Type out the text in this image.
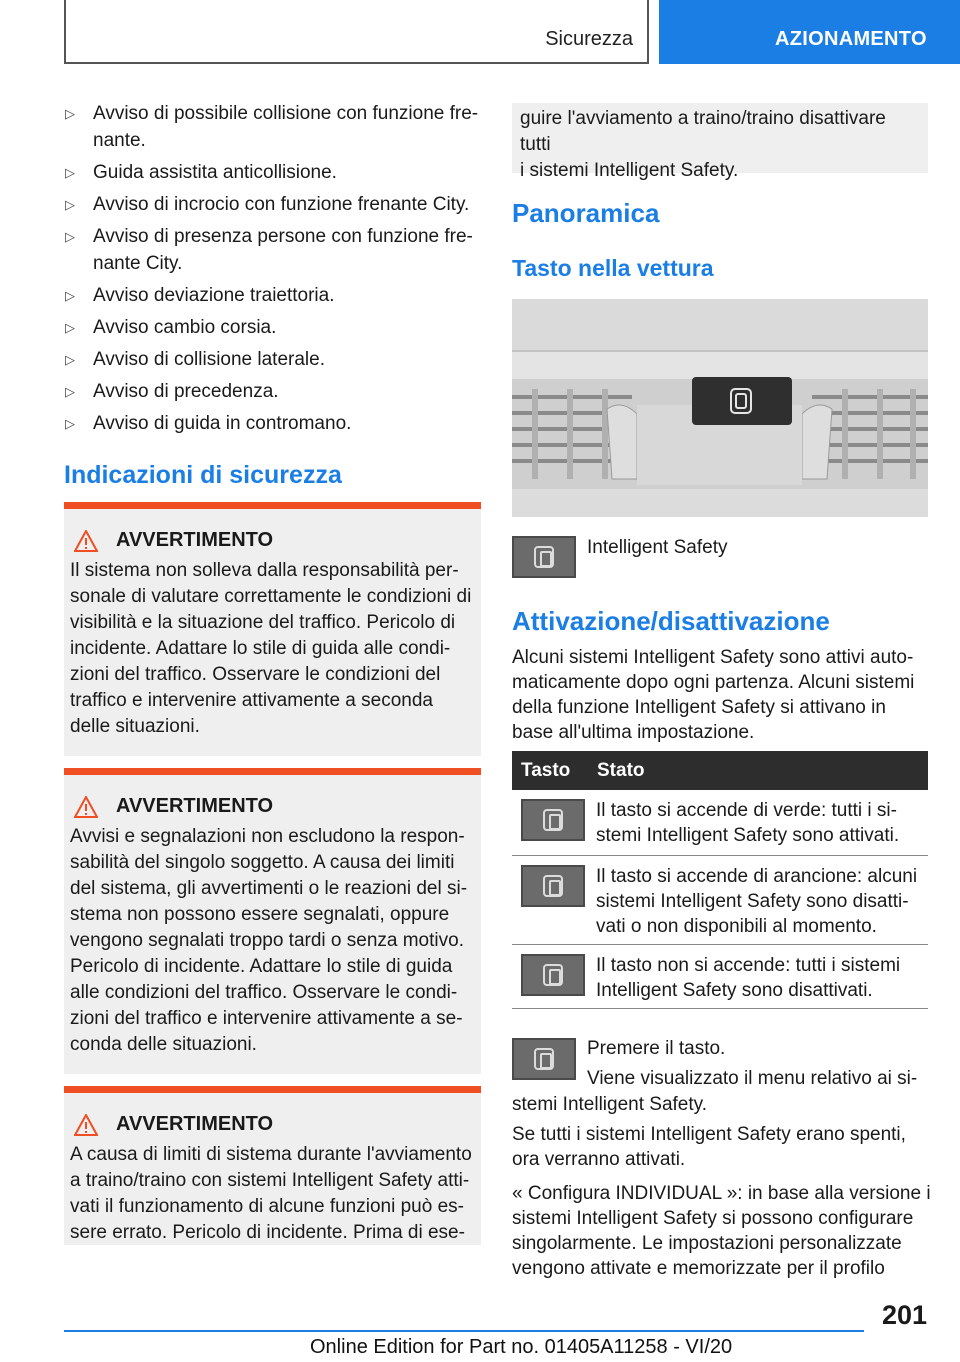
Sicurezza	AZIONAMENTO
▷ Avviso di possibile collisione con funzione fre-
nante.
▷ Guida assistita anticollisione.
▷ Avviso di incrocio con funzione frenante City.
▷ Avviso di presenza persone con funzione fre-
nante City.
▷ Avviso deviazione traiettoria.
▷ Avviso cambio corsia.
▷ Avviso di collisione laterale.
▷ Avviso di precedenza.
▷ Avviso di guida in contromano.
Indicazioni di sicurezza
AVVERTIMENTO
Il sistema non solleva dalla responsabilità per-
sonale di valutare correttamente le condizioni di
visibilità e la situazione del traffico. Pericolo di
incidente. Adattare lo stile di guida alle condi-
zioni del traffico. Osservare le condizioni del
traffico e intervenire attivamente a seconda
delle situazioni.
AVVERTIMENTO
Avvisi e segnalazioni non escludono la respon-
sabilità del singolo soggetto. A causa dei limiti
del sistema, gli avvertimenti o le reazioni del si-
stema non possono essere segnalati, oppure
vengono segnalati troppo tardi o senza motivo.
Pericolo di incidente. Adattare lo stile di guida
alle condizioni del traffico. Osservare le condi-
zioni del traffico e intervenire attivamente a se-
conda delle situazioni.
AVVERTIMENTO
A causa di limiti di sistema durante l'avviamento
a traino/traino con sistemi Intelligent Safety atti-
vati il funzionamento di alcune funzioni può es-
sere errato. Pericolo di incidente. Prima di ese-
guire l'avviamento a traino/traino disattivare tutti
i sistemi Intelligent Safety.
Panoramica
Tasto nella vettura
Intelligent Safety
Attivazione/disattivazione
Alcuni sistemi Intelligent Safety sono attivi auto-
maticamente dopo ogni partenza. Alcuni sistemi
della funzione Intelligent Safety si attivano in
base all'ultima impostazione.
Tasto Stato
Il tasto si accende di verde: tutti i si-
stemi Intelligent Safety sono attivati.
Il tasto si accende di arancione: alcuni
sistemi Intelligent Safety sono disatti-
vati o non disponibili al momento.
Il tasto non si accende: tutti i sistemi
Intelligent Safety sono disattivati.
Premere il tasto.
Viene visualizzato il menu relativo ai si-
stemi Intelligent Safety.
Se tutti i sistemi Intelligent Safety erano spenti,
ora verranno attivati.
« Configura INDIVIDUAL »: in base alla versione i
sistemi Intelligent Safety si possono configurare
singolarmente. Le impostazioni personalizzate
vengono attivate e memorizzate per il profilo
201
Online Edition for Part no. 01405A11258 - VI/20
